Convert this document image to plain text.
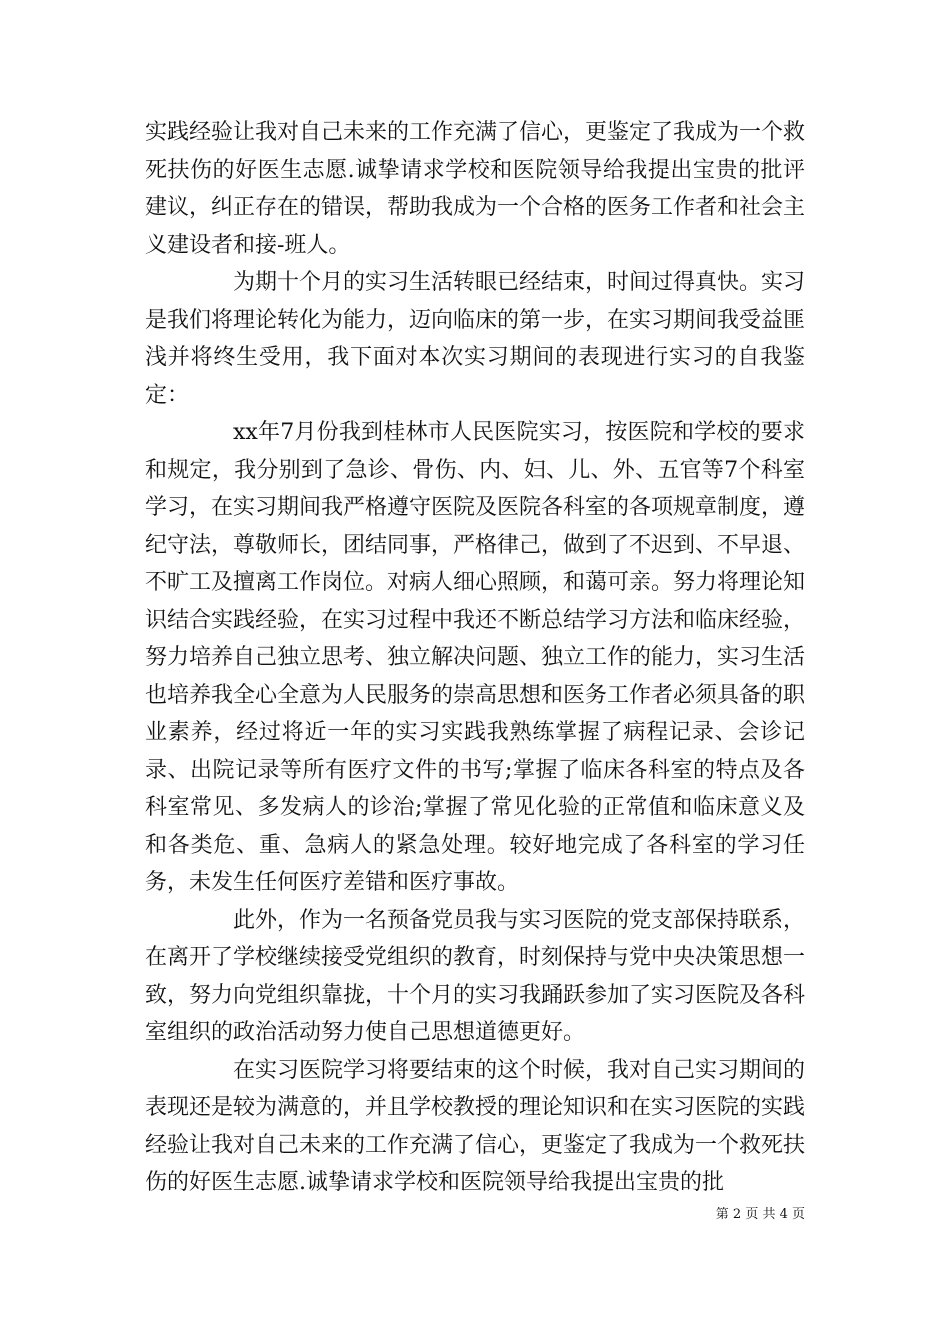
实践经验让我对自己未来的工作充满了信心，更鉴定了我成为一个救死扶伤的好医生志愿.诚挚请求学校和医院领导给我提出宝贵的批评建议，纠正存在的错误，帮助我成为一个合格的医务工作者和社会主义建设者和接-班人。

为期十个月的实习生活转眼已经结束，时间过得真快。实习是我们将理论转化为能力，迈向临床的第一步，在实习期间我受益匪浅并将终生受用，我下面对本次实习期间的表现进行实习的自我鉴定：

xx年7月份我到桂林市人民医院实习，按医院和学校的要求和规定，我分别到了急诊、骨伤、内、妇、儿、外、五官等7个科室学习，在实习期间我严格遵守医院及医院各科室的各项规章制度，遵纪守法，尊敬师长，团结同事，严格律己，做到了不迟到、不早退、不旷工及擅离工作岗位。对病人细心照顾，和蔼可亲。努力将理论知识结合实践经验，在实习过程中我还不断总结学习方法和临床经验，努力培养自己独立思考、独立解决问题、独立工作的能力，实习生活也培养我全心全意为人民服务的崇高思想和医务工作者必须具备的职业素养，经过将近一年的实习实践我熟练掌握了病程记录、会诊记录、出院记录等所有医疗文件的书写;掌握了临床各科室的特点及各科室常见、多发病人的诊治;掌握了常见化验的正常值和临床意义及和各类危、重、急病人的紧急处理。较好地完成了各科室的学习任务，未发生任何医疗差错和医疗事故。

此外，作为一名预备党员我与实习医院的党支部保持联系，在离开了学校继续接受党组织的教育，时刻保持与党中央决策思想一致，努力向党组织靠拢，十个月的实习我踊跃参加了实习医院及各科室组织的政治活动努力使自己思想道德更好。

在实习医院学习将要结束的这个时候，我对自己实习期间的表现还是较为满意的，并且学校教授的理论知识和在实习医院的实践经验让我对自己未来的工作充满了信心，更鉴定了我成为一个救死扶伤的好医生志愿.诚挚请求学校和医院领导给我提出宝贵的批

第 2 页 共 4 页
